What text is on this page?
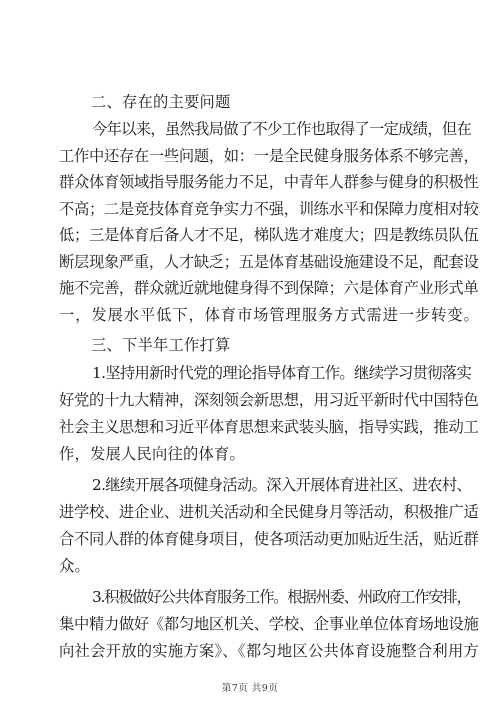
二、存在的主要问题
今年以来，虽然我局做了不少工作也取得了一定成绩，但在
工作中还存在一些问题，如：一是全民健身服务体系不够完善，
群众体育领域指导服务能力不足，中青年人群参与健身的积极性
不高；二是竞技体育竞争实力不强，训练水平和保障力度相对较
低；三是体育后备人才不足，梯队选才难度大；四是教练员队伍
断层现象严重，人才缺乏；五是体育基础设施建设不足，配套设
施不完善，群众就近就地健身得不到保障；六是体育产业形式单
一，发展水平低下，体育市场管理服务方式需进一步转变。
三、下半年工作打算
1.坚持用新时代党的理论指导体育工作。继续学习贯彻落实
好党的十九大精神，深刻领会新思想，用习近平新时代中国特色
社会主义思想和习近平体育思想来武装头脑，指导实践，推动工
作，发展人民向往的体育。
2.继续开展各项健身活动。深入开展体育进社区、进农村、
进学校、进企业、进机关活动和全民健身月等活动，积极推广适
合不同人群的体育健身项目，使各项活动更加贴近生活，贴近群
众。
3.积极做好公共体育服务工作。根据州委、州政府工作安排，
集中精力做好《都匀地区机关、学校、企事业单位体育场地设施
向社会开放的实施方案》、《都匀地区公共体育设施整合利用方
第7页 共9页
